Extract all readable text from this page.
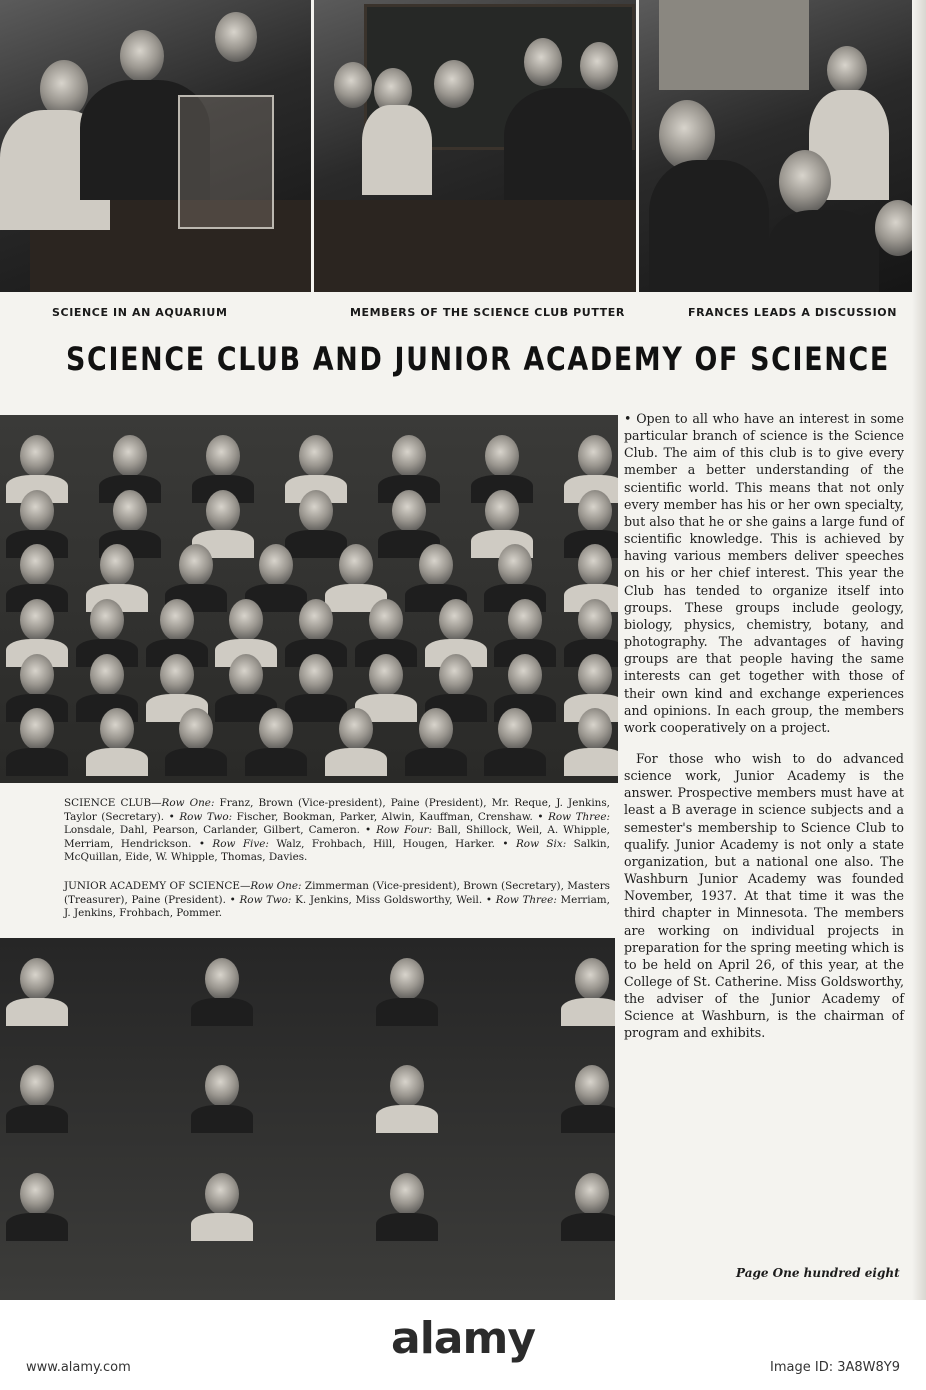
SCIENCE IN AN AQUARIUM	MEMBERS OF THE SCIENCE CLUB PUTTER	FRANCES LEADS A DISCUSSION
SCIENCE CLUB AND JUNIOR ACADEMY OF SCIENCE

SCIENCE CLUB—Row One: Franz, Brown (Vice-president), Paine (President), Mr. Reque, J. Jenkins, Taylor (Secretary). • Row Two: Fischer, Bookman, Parker, Alwin, Kauffman, Crenshaw. • Row Three: Lonsdale, Dahl, Pearson, Carlander, Gilbert, Cameron. • Row Four: Ball, Shillock, Weil, A. Whipple, Merriam, Hendrickson. • Row Five: Walz, Frohbach, Hill, Hougen, Harker. • Row Six: Salkin, McQuillan, Eide, W. Whipple, Thomas, Davies.

JUNIOR ACADEMY OF SCIENCE—Row One: Zimmerman (Vice-president), Brown (Secretary), Masters (Treasurer), Paine (President). • Row Two: K. Jenkins, Miss Goldsworthy, Weil. • Row Three: Merriam, J. Jenkins, Frohbach, Pommer.

• Open to all who have an interest in some particular branch of science is the Science Club. The aim of this club is to give every member a better understanding of the scientific world. This means that not only every member has his or her own specialty, but also that he or she gains a large fund of scientific knowledge. This is achieved by having various members deliver speeches on his or her chief interest. This year the Club has tended to organize itself into groups. These groups include geology, biology, physics, chemistry, botany, and photography. The advantages of having groups are that people having the same interests can get together with those of their own kind and exchange experiences and opinions. In each group, the members work cooperatively on a project.

For those who wish to do advanced science work, Junior Academy is the answer. Prospective members must have at least a B average in science subjects and a semester's membership to Science Club to qualify. Junior Academy is not only a state organization, but a national one also. The Washburn Junior Academy was founded November, 1937. At that time it was the third chapter in Minnesota. The members are working on individual projects in preparation for the spring meeting which is to be held on April 26, of this year, at the College of St. Catherine. Miss Goldsworthy, the adviser of the Junior Academy of Science at Washburn, is the chairman of program and exhibits.

Page One hundred eight
alamy
www.alamy.com	Image ID: 3A8W8Y9
